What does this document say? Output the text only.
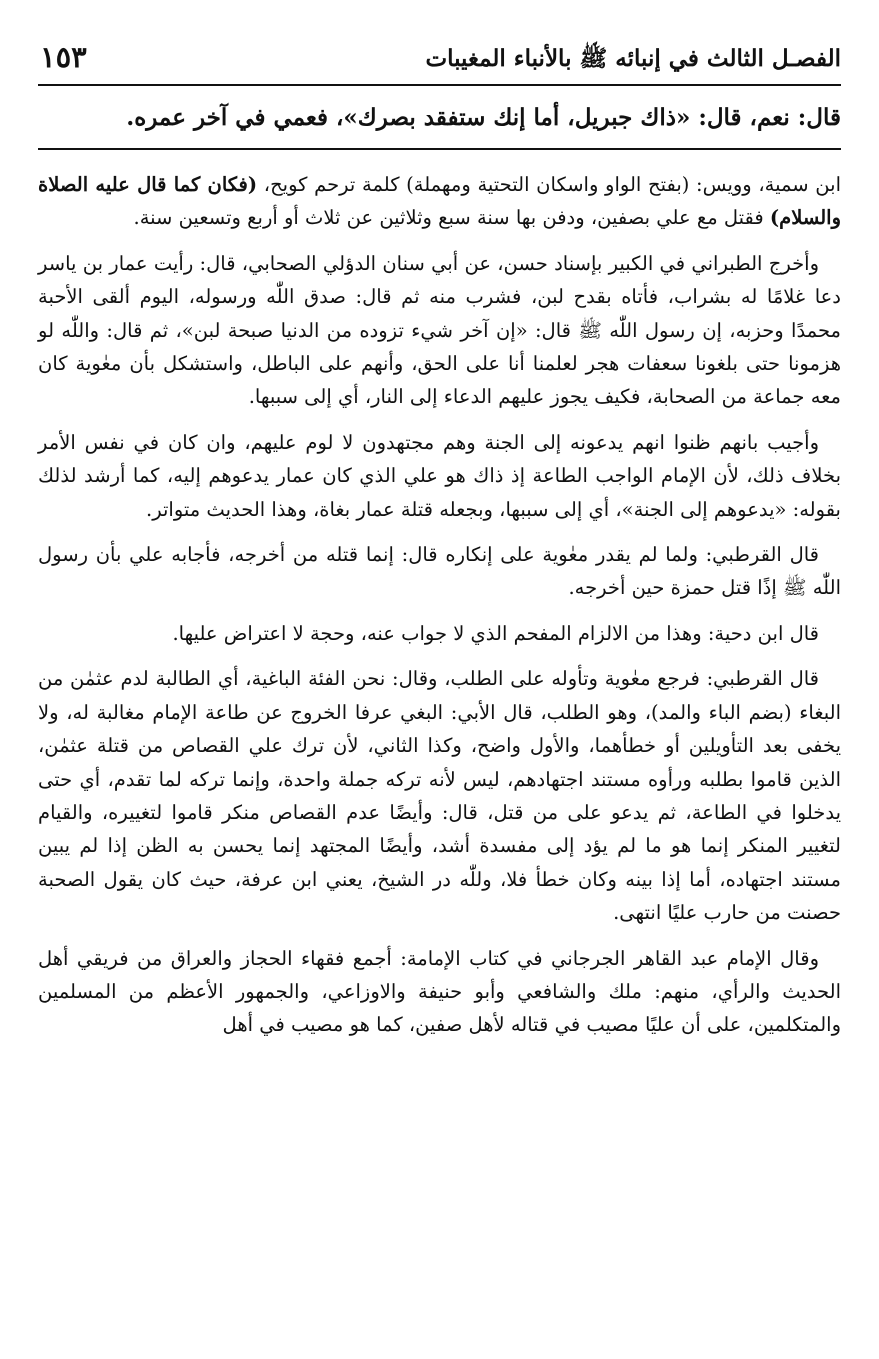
الفصـل الثالث في إنبائه ﷺ بالأنباء المغيبات
١٥٣
قال: نعم، قال: «ذاك جبريل، أما إنك ستفقد بصرك»، فعمي في آخر عمره.

ابن سمية، وويس: (بفتح الواو واسكان التحتية ومهملة) كلمة ترحم كويح، (فكان كما قال عليه الصلاة والسلام) فقتل مع علي بصفين، ودفن بها سنة سبع وثلاثين عن ثلاث أو أربع وتسعين سنة.

وأخرج الطبراني في الكبير بإسناد حسن، عن أبي سنان الدؤلي الصحابي، قال: رأيت عمار بن ياسر دعا غلامًا له بشراب، فأتاه بقدح لبن، فشرب منه ثم قال: صدق اللّٰه ورسوله، اليوم ألقى الأحبة محمدًا وحزبه، إن رسول اللّٰه ﷺ قال: «إن آخر شيء تزوده من الدنيا صبحة لبن»، ثم قال: واللّٰه لو هزمونا حتى بلغونا سعفات هجر لعلمنا أنا على الحق، وأنهم على الباطل، واستشكل بأن معٰوية كان معه جماعة من الصحابة، فكيف يجوز عليهم الدعاء إلى النار، أي إلى سببها.

وأجيب بانهم ظنوا انهم يدعونه إلى الجنة وهم مجتهدون لا لوم عليهم، وان كان في نفس الأمر بخلاف ذلك، لأن الإمام الواجب الطاعة إذ ذاك هو علي الذي كان عمار يدعوهم إليه، كما أرشد لذلك بقوله: «يدعوهم إلى الجنة»، أي إلى سببها، وبجعله قتلة عمار بغاة، وهذا الحديث متواتر.

قال القرطبي: ولما لم يقدر معٰوية على إنكاره قال: إنما قتله من أخرجه، فأجابه علي بأن رسول اللّٰه ﷺ إذًا قتل حمزة حين أخرجه.

قال ابن دحية: وهذا من الالزام المفحم الذي لا جواب عنه، وحجة لا اعتراض عليها.

قال القرطبي: فرجع معٰوية وتأوله على الطلب، وقال: نحن الفئة الباغية، أي الطالبة لدم عثمٰن من البغاء (بضم الباء والمد)، وهو الطلب، قال الأبي: البغي عرفا الخروج عن طاعة الإمام مغالبة له، ولا يخفى بعد التأويلين أو خطأهما، والأول واضح، وكذا الثاني، لأن ترك علي القصاص من قتلة عثمٰن، الذين قاموا بطلبه ورأوه مستند اجتهادهم، ليس لأنه تركه جملة واحدة، وإنما تركه لما تقدم، أي حتى يدخلوا في الطاعة، ثم يدعو على من قتل، قال: وأيضًا عدم القصاص منكر قاموا لتغييره، والقيام لتغيير المنكر إنما هو ما لم يؤد إلى مفسدة أشد، وأيضًا المجتهد إنما يحسن به الظن إذا لم يبين مستند اجتهاده، أما إذا بينه وكان خطأ فلا، وللّٰه در الشيخ، يعني ابن عرفة، حيث كان يقول الصحبة حصنت من حارب عليًا انتهى.

وقال الإمام عبد القاهر الجرجاني في كتاب الإمامة: أجمع فقهاء الحجاز والعراق من فريقي أهل الحديث والرأي، منهم: ملك والشافعي وأبو حنيفة والاوزاعي، والجمهور الأعظم من المسلمين والمتكلمين، على أن عليًا مصيب في قتاله لأهل صفين، كما هو مصيب في أهل
